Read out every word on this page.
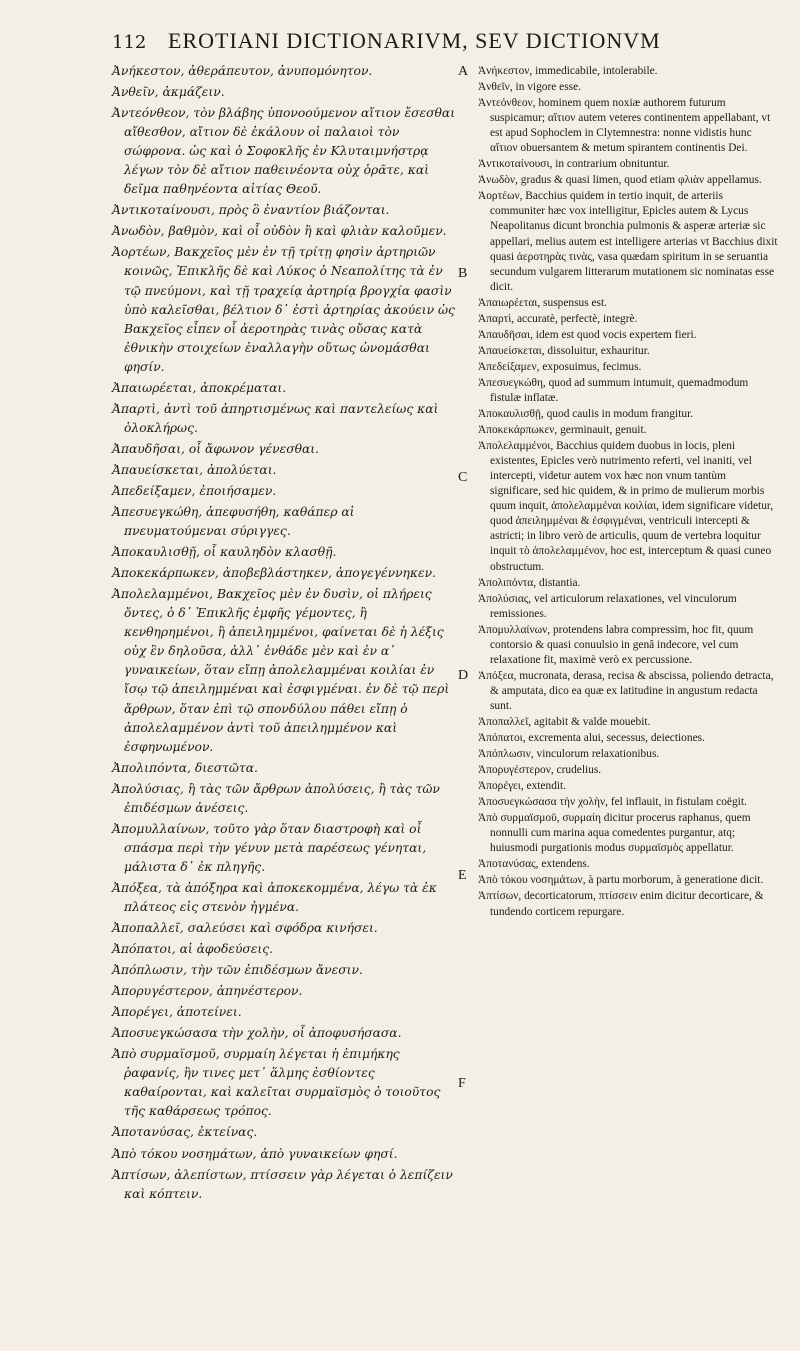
112 EROTIANI DICTIONARIVM, SEV DICTIONVM

Ἀνήκεστον, ἀθεράπευτον, ἀνυπομόνητον.

Ἀνθεῖν, ἀκμάζειν.

Ἀντεόνθεον, τὸν βλάβης ὑπονοούμενον αἴτιον ἔσεσθαι αἴθεσθον, αἴτιον δὲ ἐκάλουν οἱ παλαιοὶ τὸν σώφρονα. ὡς καὶ ὁ Σοφοκλῆς ἐν Κλυταιμνήστρᾳ λέγων τὸν δὲ αἴτιον παθεινέοντα οὐχ ὁρᾶτε, καὶ δεῖμα παθηνέοντα αἰτίας Θεοῦ.

Ἀντικοταίνουσι, πρὸς ὃ ἐναντίον βιάζονται.

Ἀνωδὸν, βαθμὸν, καὶ οἷ οὐδὸν ἢ καὶ φλιὰν καλοῦμεν.

Ἀορτέων, Βακχεῖος μὲν ἐν τῇ τρίτῃ φησὶν ἀρτηριῶν κοινῶς, Ἐπικλῆς δὲ καὶ Λύκος ὁ Νεαπολίτης τὰ ἐν τῷ πνεύμονι, καὶ τῇ τραχείᾳ ἀρτηρίᾳ βρογχία φασὶν ὑπὸ καλεῖσθαι, βέλτιον δ᾽ ἐστὶ ἀρτηρίας ἀκούειν ὡς Βακχεῖος εἶπεν οἷ ἀεροτηρὰς τινὰς οὔσας κατὰ ἐθνικὴν στοιχείων ἐναλλαγὴν οὕτως ὠνομάσθαι φησίν.

Ἀπαιωρέεται, ἀποκρέμαται.

Ἀπαρτὶ, ἀντὶ τοῦ ἀπηρτισμένως καὶ παντελείως καὶ ὁλοκλήρως.

Ἀπαυδῆσαι, οἷ ἄφωνον γένεσθαι.

Ἀπαυείσκεται, ἀπολύεται.

Ἀπεδείξαμεν, ἐποιήσαμεν.

Ἀπεσυεγκώθη, ἀπεφυσήθη, καθάπερ αἱ πνευματούμεναι σύριγγες.

Ἀποκαυλισθῇ, οἷ καυληδὸν κλασθῇ.

Ἀποκεκάρπωκεν, ἀποβεβλάστηκεν, ἀπογεγέννηκεν.

Ἀπολελαμμένοι, Βακχεῖος μὲν ἐν δυσὶν, οἱ πλήρεις ὄντες, ὁ δ᾽ Ἐπικλῆς ἐμφῆς γέμοντες, ἢ κενθηρημένοι, ἢ ἀπειλημμένοι, φαίνεται δὲ ἡ λέξις οὐχ ἓν δηλοῦσα, ἀλλ᾽ ἐνθάδε μὲν καὶ ἐν α᾽ γυναικείων, ὅταν εἴπῃ ἀπολελαμμέναι κοιλίαι ἐν ἴσῳ τῷ ἀπειλημμέναι καὶ ἐσφιγμέναι. ἐν δὲ τῷ περὶ ἄρθρων, ὅταν ἐπὶ τῷ σπονδύλου πάθει εἴπῃ ὁ ἀπολελαμμένον ἀντὶ τοῦ ἀπειλημμένον καὶ ἐσφηνωμένον.

Ἀπολιπόντα, διεστῶτα.

Ἀπολύσιας, ἢ τὰς τῶν ἄρθρων ἀπολύσεις, ἢ τὰς τῶν ἐπιδέσμων ἀνέσεις.

Ἀπομυλλαίνων, τοῦτο γὰρ ὅταν διαστροφὴ καὶ οἷ σπάσμα περὶ τὴν γένυν μετὰ παρέσεως γένηται, μάλιστα δ᾽ ἐκ πληγῆς.

Ἀπόξεα, τὰ ἀπόξηρα καὶ ἀποκεκομμένα, λέγω τὰ ἐκ πλάτεος εἰς στενὸν ἠγμένα.

Ἀποπαλλεῖ, σαλεύσει καὶ σφόδρα κινήσει.

Ἀπόπατοι, αἱ ἀφοδεύσεις.

Ἀπόπλωσιν, τὴν τῶν ἐπιδέσμων ἄνεσιν.

Ἀπορυγέστερον, ἀπηνέστερον.

Ἀπορέγει, ἀποτείνει.

Ἀποσυεγκώσασα τὴν χολὴν, οἷ ἀποφυσήσασα.

Ἀπὸ συρμαϊσμοῦ, συρμαίη λέγεται ἡ ἐπιμήκης ῥαφανίς, ἣν τινες μετ᾽ ἅλμης ἐσθίοντες καθαίρονται, καὶ καλεῖται συρμαϊσμὸς ὁ τοιοῦτος τῆς καθάρσεως τρόπος.

Ἀποτανύσας, ἐκτείνας.

Ἀπὸ τόκου νοσημάτων, ἀπὸ γυναικείων φησί.

Ἀπτίσων, ἀλεπίστων, πτίσσειν γὰρ λέγεται ὁ λεπίζειν καὶ κόπτειν.

Ἀνήκεστον, immedicabile, intolerabile.

Ἀνθεῖν, in vigore esse.

Ἀντεόνθεον, hominem quem noxiæ authorem futurum suspicamur; αἴτιον autem veteres continentem appellabant, vt est apud Sophoclem in Clytemnestra: nonne vidistis hunc αἴτιον obuersantem & metum spirantem continentis Dei.

Ἀντικοταίνουσι, in contrarium obnituntur.

Ἀνωδὸν, gradus & quasi limen, quod etiam φλιὰν appellamus.

Ἀορτέων, Bacchius quidem in tertio inquit, de arteriis communiter hæc vox intelligitur, Epicles autem & Lycus Neapolitanus dicunt bronchia pulmonis & asperæ arteriæ sic appellari, melius autem est intelligere arterias vt Bacchius dixit quasi ἀεροτηρὰς τινὰς, vasa quædam spiritum in se seruantia secundum vulgarem litterarum mutationem sic nominatas esse dicit.

Ἀπαιωρέεται, suspensus est.

Ἀπαρτὶ, accuratè, perfectè, integrè.

Ἀπαυδῆσαι, idem est quod vocis expertem fieri.

Ἀπαυείσκεται, dissoluitur, exhauritur.

Ἀπεδείξαμεν, exposuimus, fecimus.

Ἀπεσυεγκώθη, quod ad summum intumuit, quemadmodum fistulæ inflatæ.

Ἀποκαυλισθῇ, quod caulis in modum frangitur.

Ἀποκεκάρπωκεν, germinauit, genuit.

Ἀπολελαμμένοι, Bacchius quidem duobus in locis, pleni existentes, Epicles verò nutrimento referti, vel inaniti, vel intercepti, videtur autem vox hæc non vnum tantùm significare, sed hic quidem, & in primo de mulierum morbis quum inquit, ἀπολελαμμέναι κοιλίαι, idem significare videtur, quod ἀπειλημμέναι & ἐσφιγμέναι, ventriculi intercepti & astricti; in libro verò de articulis, quum de vertebra loquitur inquit τὸ ἀπολελαμμένον, hoc est, interceptum & quasi cuneo obstructum.

Ἀπολιπόντα, distantia.

Ἀπολύσιας, vel articulorum relaxationes, vel vinculorum remissiones.

Ἀπομυλλαίνων, protendens labra compressim, hoc fit, quum contorsio & quasi conuulsio in genâ indecore, vel cum relaxatione fit, maximè verò ex percussione.

Ἀπόξεα, mucronata, derasa, recisa & abscissa, poliendo detracta, & amputata, dico ea quæ ex latitudine in angustum redacta sunt.

Ἀποπαλλεῖ, agitabit & valde mouebit.

Ἀπόπατοι, excrementa alui, secessus, deiectiones.

Ἀπόπλωσιν, vinculorum relaxationibus.

Ἀπορυγέστερον, crudelius.

Ἀπορέγει, extendit.

Ἀποσυεγκώσασα τὴν χολὴν, fel inflauit, in fistulam coëgit.

Ἀπὸ συρμαϊσμοῦ, συρμαίη dicitur procerus raphanus, quem nonnulli cum marina aqua comedentes purgantur, atq; huiusmodi purgationis modus συρμαϊσμὸς appellatur.

Ἀποτανύσας, extendens.

Ἀπὸ τόκου νοσημάτων, à partu morborum, à generatione dicit.

Ἀπτίσων, decorticatorum, πτίσσειν enim dicitur decorticare, & tundendo corticem repurgare.

A
B
C
D
E
F
